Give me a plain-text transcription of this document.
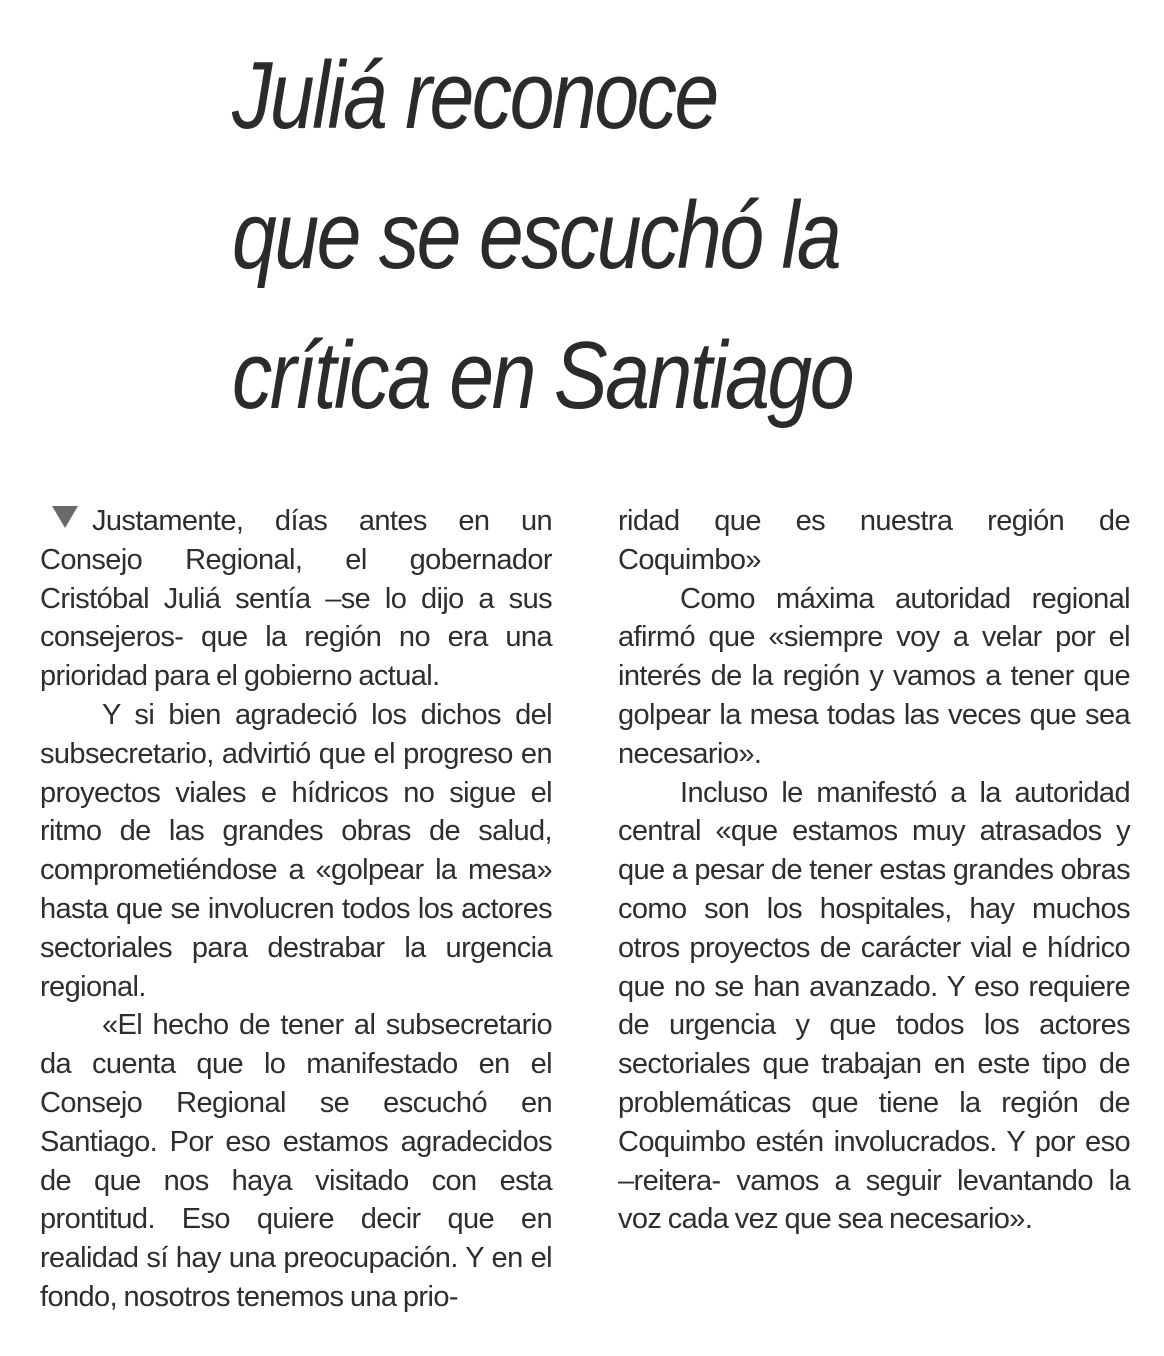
Juliá reconoce
que se escuchó la
crítica en Santiago

Justamente, días antes en un Consejo Regional, el gobernador Cristóbal Juliá sentía –se lo dijo a sus consejeros- que la región no era una prioridad para el gobierno actual.

Y si bien agradeció los dichos del subsecretario, advirtió que el progreso en proyectos viales e hídricos no sigue el ritmo de las grandes obras de salud, comprometiéndose a «golpear la mesa» hasta que se involucren todos los actores sectoriales para destrabar la urgencia regional.

«El hecho de tener al subsecretario da cuenta que lo manifestado en el Consejo Regional se escuchó en Santiago. Por eso estamos agradecidos de que nos haya visitado con esta prontitud. Eso quiere decir que en realidad sí hay una preocupación. Y en el fondo, nosotros tenemos una prio-

ridad que es nuestra región de Coquimbo»

Como máxima autoridad regional afirmó que «siempre voy a velar por el interés de la región y vamos a tener que golpear la mesa todas las veces que sea necesario».

Incluso le manifestó a la autoridad central «que estamos muy atrasados y que a pesar de tener estas grandes obras como son los hospitales, hay muchos otros proyectos de carácter vial e hídrico que no se han avanzado. Y eso requiere de urgencia y que todos los actores sectoriales que trabajan en este tipo de problemáticas que tiene la región de Coquimbo estén involucrados. Y por eso –reitera- vamos a seguir levantando la voz cada vez que sea necesario».
